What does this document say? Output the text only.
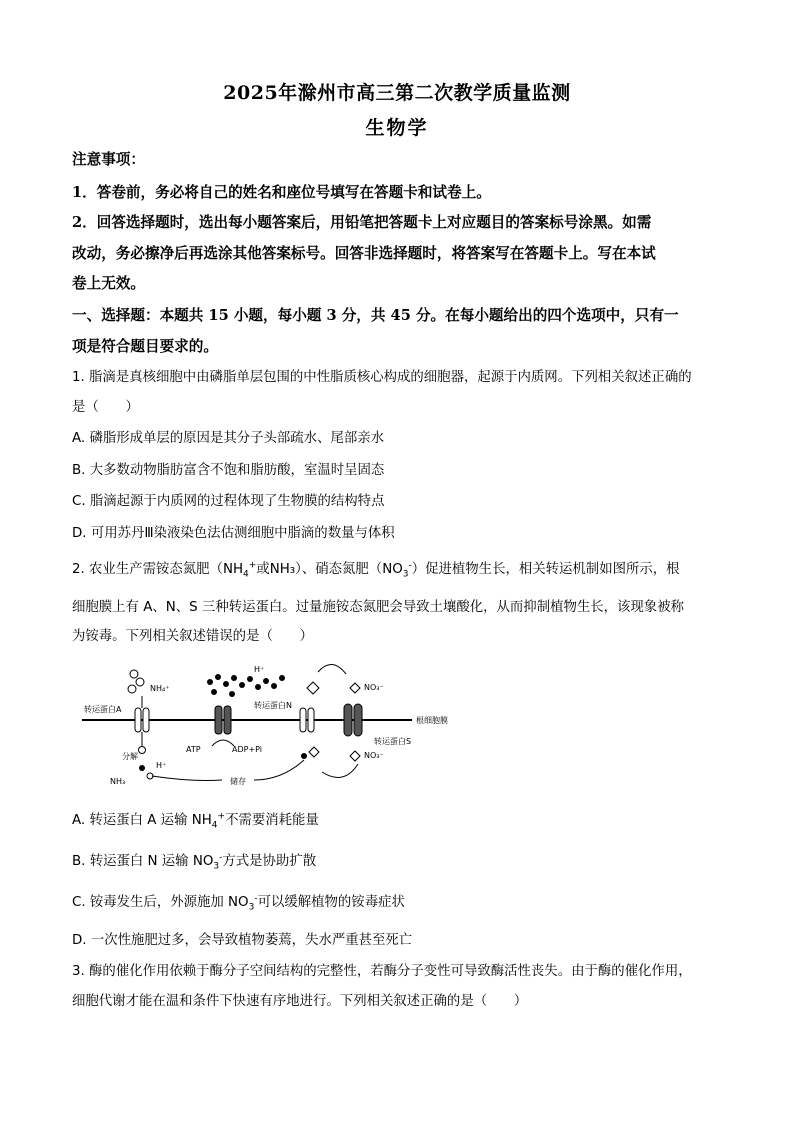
2025年滁州市高三第二次教学质量监测
生物学
注意事项：
1．答卷前，务必将自己的姓名和座位号填写在答题卡和试卷上。
2．回答选择题时，选出每小题答案后，用铅笔把答题卡上对应题目的答案标号涂黑。如需
改动，务必擦净后再选涂其他答案标号。回答非选择题时，将答案写在答题卡上。写在本试
卷上无效。
一、选择题：本题共 15 小题，每小题 3 分，共 45 分。在每小题给出的四个选项中，只有一
项是符合题目要求的。
1. 脂滴是真核细胞中由磷脂单层包围的中性脂质核心构成的细胞器，起源于内质网。下列相关叙述正确的
是（　　）
A. 磷脂形成单层的原因是其分子头部疏水、尾部亲水
B. 大多数动物脂肪富含不饱和脂肪酸，室温时呈固态
C. 脂滴起源于内质网的过程体现了生物膜的结构特点
D. 可用苏丹Ⅲ染液染色法估测细胞中脂滴的数量与体积
2. 农业生产需铵态氮肥（$NH_4^+$或NH₃）、硝态氮肥$(NO_3^-)$促进植物生长，相关转运机制如图所示，根
细胞膜上有 A、N、S 三种转运蛋白。过量施铵态氮肥会导致土壤酸化，从而抑制植物生长，该现象被称
为铵毒。下列相关叙述错误的是（　　）
根细胞膜
转运蛋白A
NH₄⁺
分解
H⁺
NH₃
H⁺
ATP	ADP+Pi
转运蛋白N
转运蛋白S
NO₃⁻
NO₃⁻
储存
A. 转运蛋白 A 运输 $NH_4^+$不需要消耗能量
B. 转运蛋白 N 运输 $NO_3^-$方式是协助扩散
C. 铵毒发生后，外源施加 $NO_3^-$可以缓解植物的铵毒症状
D. 一次性施肥过多，会导致植物萎蔫，失水严重甚至死亡
3. 酶的催化作用依赖于酶分子空间结构的完整性，若酶分子变性可导致酶活性丧失。由于酶的催化作用，
细胞代谢才能在温和条件下快速有序地进行。下列相关叙述正确的是（　　）
